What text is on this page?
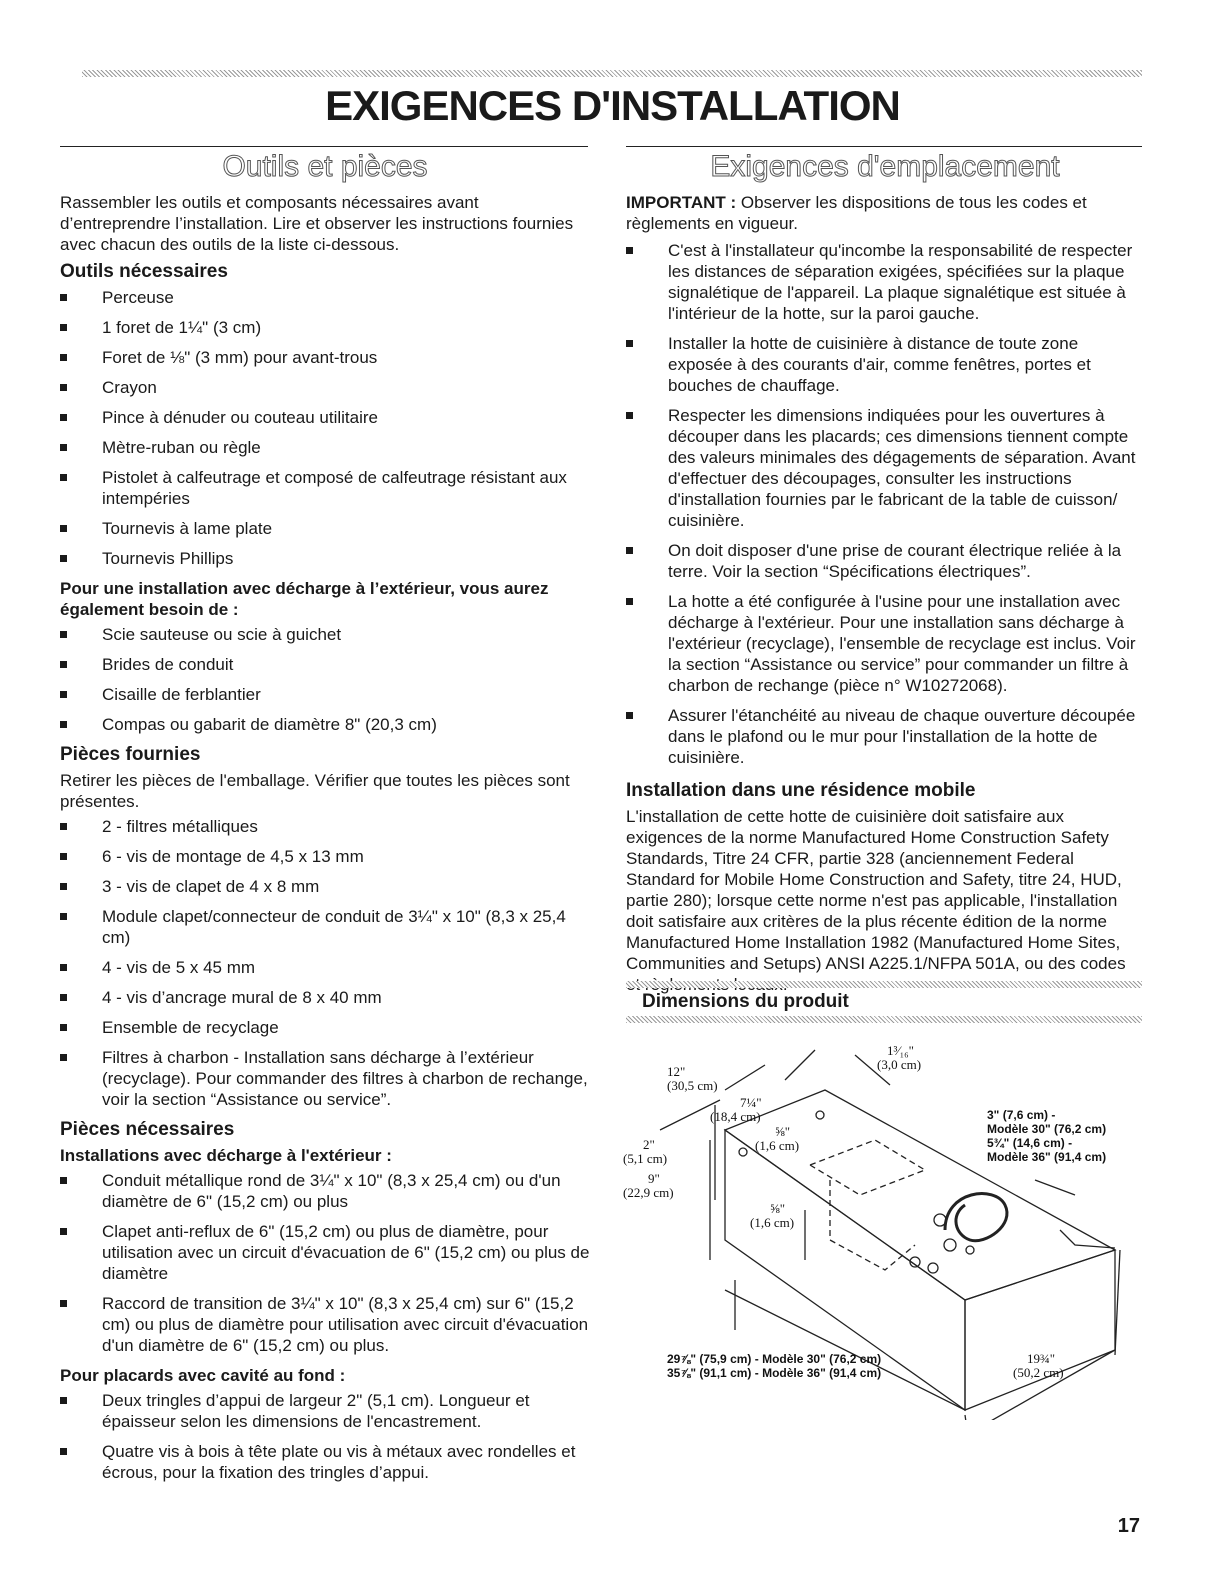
EXIGENCES D'INSTALLATION
Outils et pièces

Rassembler les outils et composants nécessaires avant d’entreprendre l’installation. Lire et observer les instructions fournies avec chacun des outils de la liste ci-dessous.

Outils nécessaires
Perceuse
1 foret de 1¼" (3 cm)
Foret de ⅛" (3 mm) pour avant-trous
Crayon
Pince à dénuder ou couteau utilitaire
Mètre-ruban ou règle
Pistolet à calfeutrage et composé de calfeutrage résistant aux intempéries
Tournevis à lame plate
Tournevis Phillips
Pour une installation avec décharge à l’extérieur, vous aurez également besoin de :
Scie sauteuse ou scie à guichet
Brides de conduit
Cisaille de ferblantier
Compas ou gabarit de diamètre 8" (20,3 cm)
Pièces fournies

Retirer les pièces de l'emballage. Vérifier que toutes les pièces sont présentes.

2 - filtres métalliques
6 - vis de montage de 4,5 x 13 mm
3 - vis de clapet de 4 x 8 mm
Module clapet/connecteur de conduit de 3¼" x 10" (8,3 x 25,4 cm)
4 - vis de 5 x 45 mm
4 - vis d’ancrage mural de 8 x 40 mm
Ensemble de recyclage
Filtres à charbon - Installation sans décharge à l’extérieur (recyclage). Pour commander des filtres à charbon de rechange, voir la section “Assistance ou service”.
Pièces nécessaires
Installations avec décharge à l'extérieur :
Conduit métallique rond de 3¼" x 10" (8,3 x 25,4 cm) ou d'un diamètre de 6" (15,2 cm) ou plus
Clapet anti-reflux de 6" (15,2 cm) ou plus de diamètre, pour utilisation avec un circuit d'évacuation de 6" (15,2 cm) ou plus de diamètre
Raccord de transition de 3¼" x 10" (8,3 x 25,4 cm) sur 6" (15,2 cm) ou plus de diamètre pour utilisation avec circuit d'évacuation d'un diamètre de 6" (15,2 cm) ou plus.
Pour placards avec cavité au fond :
Deux tringles d’appui de largeur 2" (5,1 cm). Longueur et épaisseur selon les dimensions de l'encastrement.
Quatre vis à bois à tête plate ou vis à métaux avec rondelles et écrous, pour la fixation des tringles d’appui.
Exigences d'emplacement

IMPORTANT : Observer les dispositions de tous les codes et règlements en vigueur.

C'est à l'installateur qu'incombe la responsabilité de respecter les distances de séparation exigées, spécifiées sur la plaque signalétique de l'appareil. La plaque signalétique est située à l'intérieur de la hotte, sur la paroi gauche.
Installer la hotte de cuisinière à distance de toute zone exposée à des courants d'air, comme fenêtres, portes et bouches de chauffage.
Respecter les dimensions indiquées pour les ouvertures à découper dans les placards; ces dimensions tiennent compte des valeurs minimales des dégagements de séparation. Avant d'effectuer des découpages, consulter les instructions d'installation fournies par le fabricant de la table de cuisson/ cuisinière.
On doit disposer d'une prise de courant électrique reliée à la terre. Voir la section “Spécifications électriques”.
La hotte a été configurée à l'usine pour une installation avec décharge à l'extérieur. Pour une installation sans décharge à l'extérieur (recyclage), l'ensemble de recyclage est inclus. Voir la section “Assistance ou service” pour commander un filtre à charbon de rechange (pièce n° W10272068).
Assurer l'étanchéité au niveau de chaque ouverture découpée dans le plafond ou le mur pour l'installation de la hotte de cuisinière.
Installation dans une résidence mobile

L'installation de cette hotte de cuisinière doit satisfaire aux exigences de la norme Manufactured Home Construction Safety Standards, Titre 24 CFR, partie 328 (anciennement Federal Standard for Mobile Home Construction and Safety, titre 24, HUD, partie 280); lorsque cette norme n'est pas applicable, l'installation doit satisfaire aux critères de la plus récente édition de la norme Manufactured Home Installation 1982 (Manufactured Home Sites, Communities and Setups) ANSI A225.1/NFPA 501A, ou des codes

Dimensions du produit
12"
(30,5 cm)
7¼"
(18,4 cm)
1³⁄₁₆"
(3,0 cm)
⅝"
(1,6 cm)
2"
(5,1 cm)
9"
(22,9 cm)
⅝"
(1,6 cm)
3" (7,6 cm) -
Modèle 30" (76,2 cm)
5¾" (14,6 cm) -
Modèle 36" (91,4 cm)
29⅞" (75,9 cm) - Modèle 30" (76,2 cm)
35⅞" (91,1 cm) - Modèle 36" (91,4 cm)
19¾"
(50,2 cm)
17
